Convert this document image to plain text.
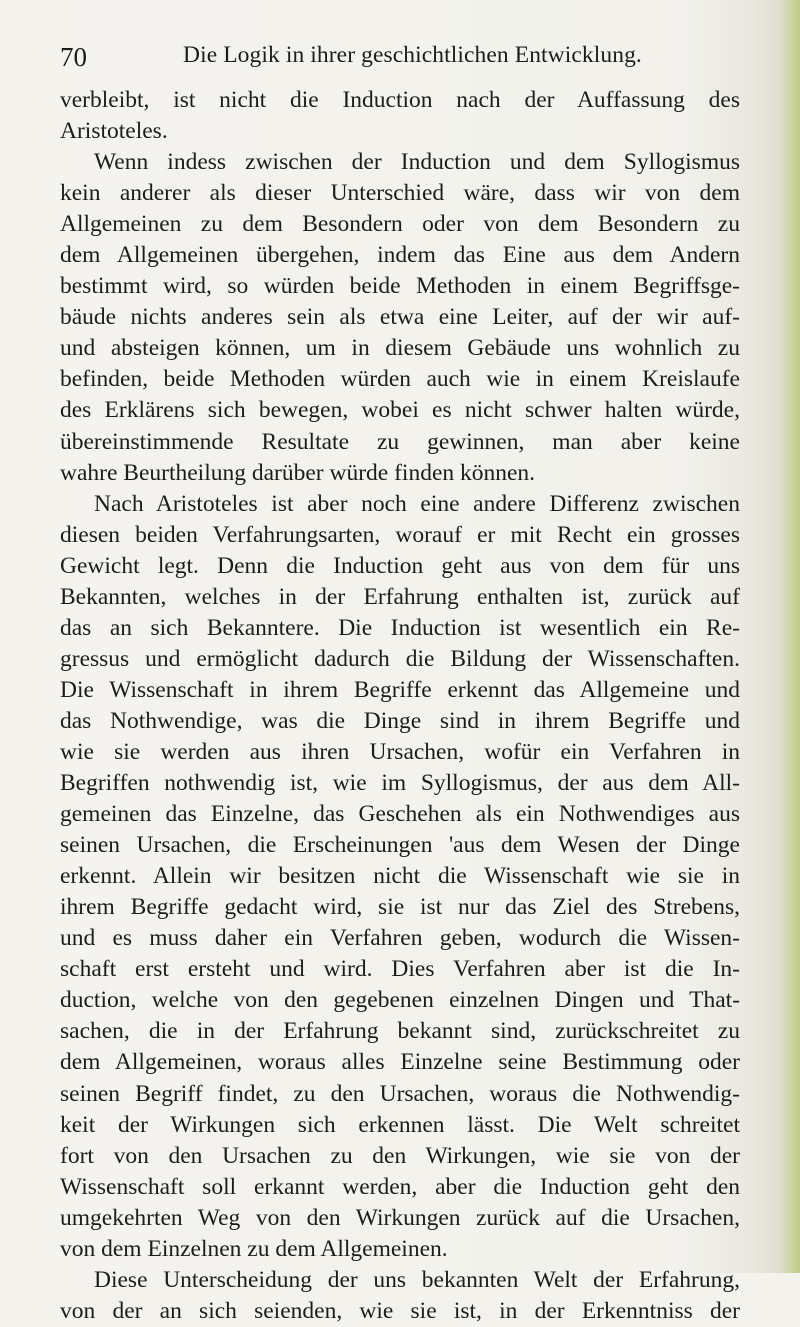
70	Die Logik in ihrer geschichtlichen Entwicklung.
verbleibt, ist nicht die Induction nach der Auffassung des
Aristoteles.
Wenn indess zwischen der Induction und dem Syllogismus
kein anderer als dieser Unterschied wäre, dass wir von dem
Allgemeinen zu dem Besondern oder von dem Besondern zu
dem Allgemeinen übergehen, indem das Eine aus dem Andern
bestimmt wird, so würden beide Methoden in einem Begriffsge-
bäude nichts anderes sein als etwa eine Leiter, auf der wir auf-
und absteigen können, um in diesem Gebäude uns wohnlich zu
befinden, beide Methoden würden auch wie in einem Kreislaufe
des Erklärens sich bewegen, wobei es nicht schwer halten würde,
übereinstimmende Resultate zu gewinnen, man aber keine
wahre Beurtheilung darüber würde finden können.
Nach Aristoteles ist aber noch eine andere Differenz zwischen
diesen beiden Verfahrungsarten, worauf er mit Recht ein grosses
Gewicht legt. Denn die Induction geht aus von dem für uns
Bekannten, welches in der Erfahrung enthalten ist, zurück auf
das an sich Bekanntere. Die Induction ist wesentlich ein Re-
gressus und ermöglicht dadurch die Bildung der Wissenschaften.
Die Wissenschaft in ihrem Begriffe erkennt das Allgemeine und
das Nothwendige, was die Dinge sind in ihrem Begriffe und
wie sie werden aus ihren Ursachen, wofür ein Verfahren in
Begriffen nothwendig ist, wie im Syllogismus, der aus dem All-
gemeinen das Einzelne, das Geschehen als ein Nothwendiges aus
seinen Ursachen, die Erscheinungen 'aus dem Wesen der Dinge
erkennt. Allein wir besitzen nicht die Wissenschaft wie sie in
ihrem Begriffe gedacht wird, sie ist nur das Ziel des Strebens,
und es muss daher ein Verfahren geben, wodurch die Wissen-
schaft erst ersteht und wird. Dies Verfahren aber ist die In-
duction, welche von den gegebenen einzelnen Dingen und That-
sachen, die in der Erfahrung bekannt sind, zurückschreitet zu
dem Allgemeinen, woraus alles Einzelne seine Bestimmung oder
seinen Begriff findet, zu den Ursachen, woraus die Nothwendig-
keit der Wirkungen sich erkennen lässt. Die Welt schreitet
fort von den Ursachen zu den Wirkungen, wie sie von der
Wissenschaft soll erkannt werden, aber die Induction geht den
umgekehrten Weg von den Wirkungen zurück auf die Ursachen,
von dem Einzelnen zu dem Allgemeinen.
Diese Unterscheidung der uns bekannten Welt der Erfahrung,
von der an sich seienden, wie sie ist, in der Erkenntniss der
